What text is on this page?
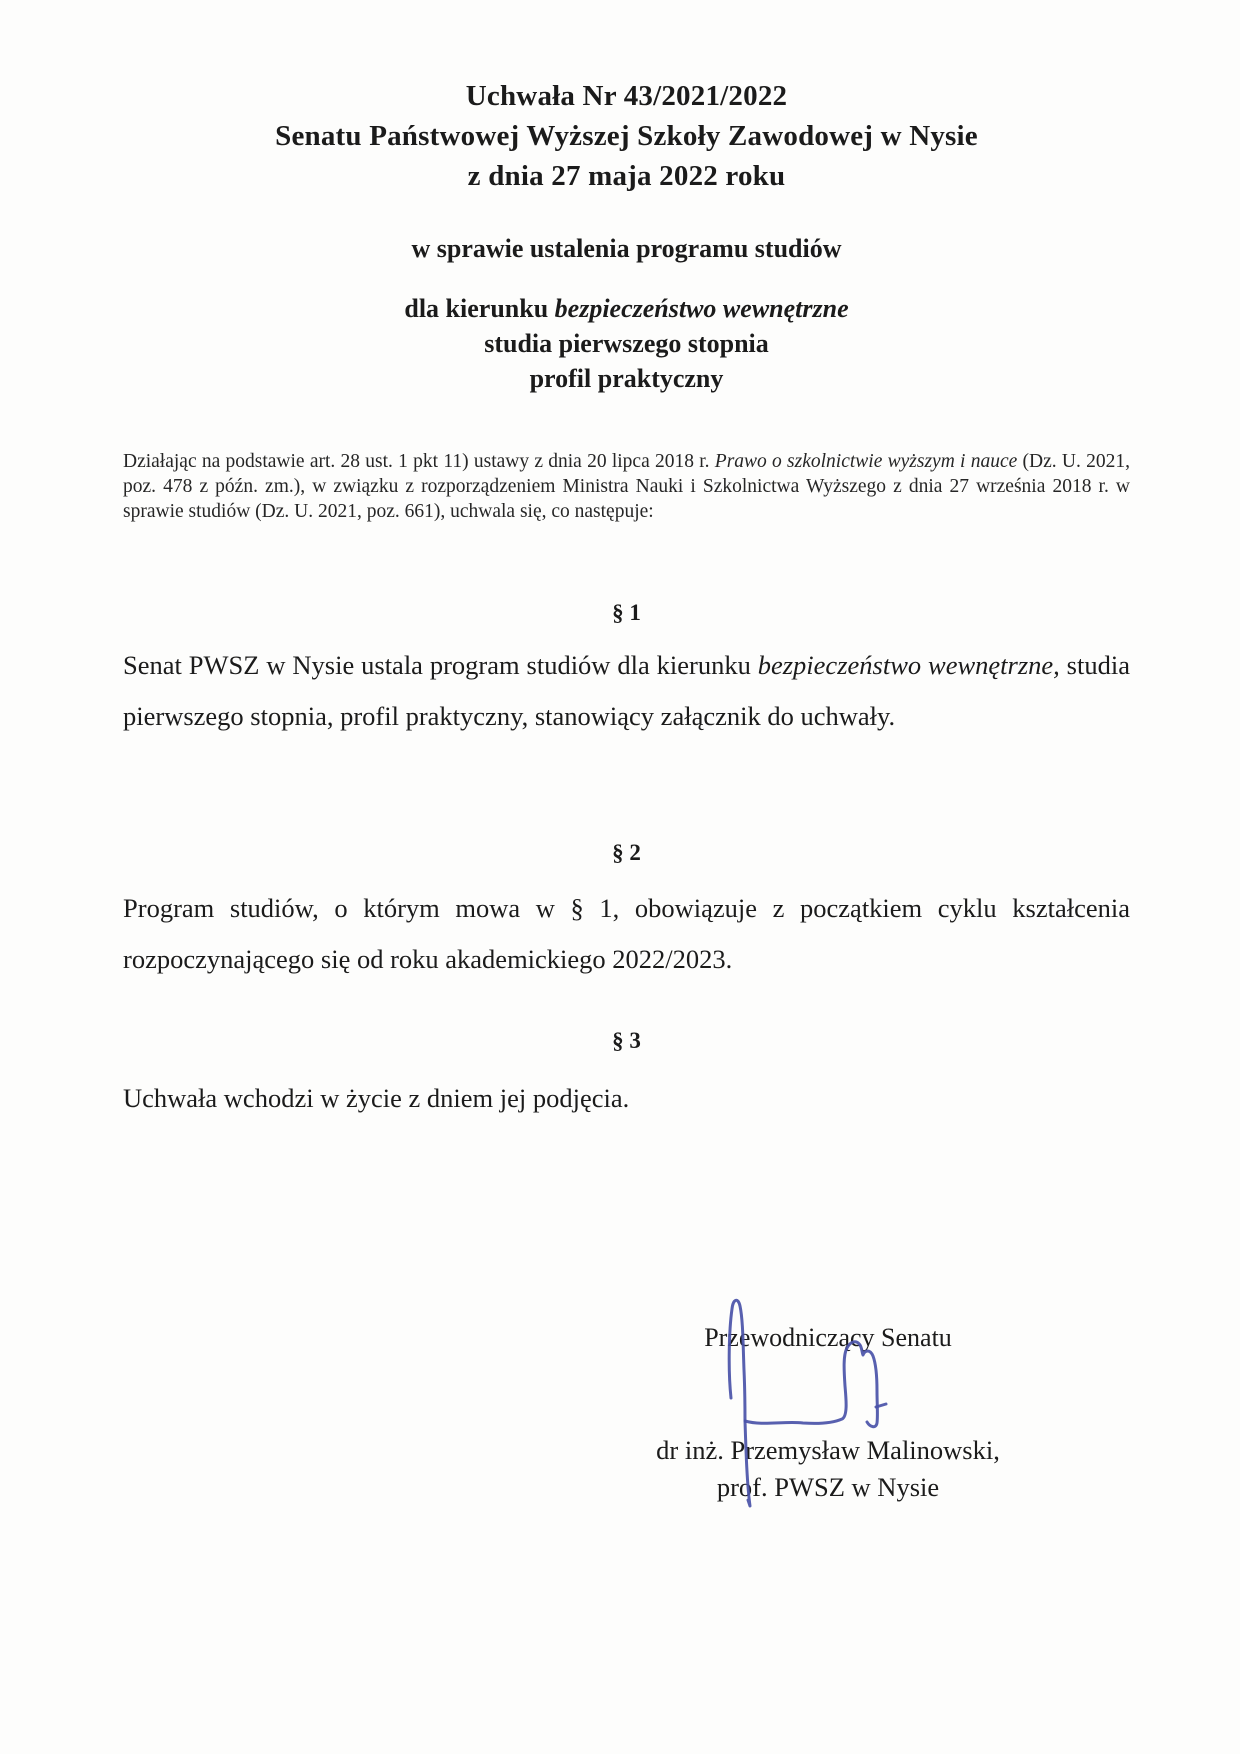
Uchwała Nr 43/2021/2022
Senatu Państwowej Wyższej Szkoły Zawodowej w Nysie
z dnia 27 maja 2022 roku
w sprawie ustalenia programu studiów
dla kierunku bezpieczeństwo wewnętrzne
studia pierwszego stopnia
profil praktyczny
Działając na podstawie art. 28 ust. 1 pkt 11) ustawy z dnia 20 lipca 2018 r. Prawo o szkolnictwie wyższym i nauce (Dz. U. 2021, poz. 478 z późn. zm.), w związku z rozporządzeniem Ministra Nauki i Szkolnictwa Wyższego z dnia 27 września 2018 r. w sprawie studiów (Dz. U. 2021, poz. 661), uchwala się, co następuje:
§ 1
Senat PWSZ w Nysie ustala program studiów dla kierunku bezpieczeństwo wewnętrzne, studia pierwszego stopnia, profil praktyczny, stanowiący załącznik do uchwały.
§ 2
Program studiów, o którym mowa w § 1, obowiązuje z początkiem cyklu kształcenia rozpoczynającego się od roku akademickiego 2022/2023.
§ 3
Uchwała wchodzi w życie z dniem jej podjęcia.
Przewodniczący Senatu
dr inż. Przemysław Malinowski,
prof. PWSZ w Nysie
